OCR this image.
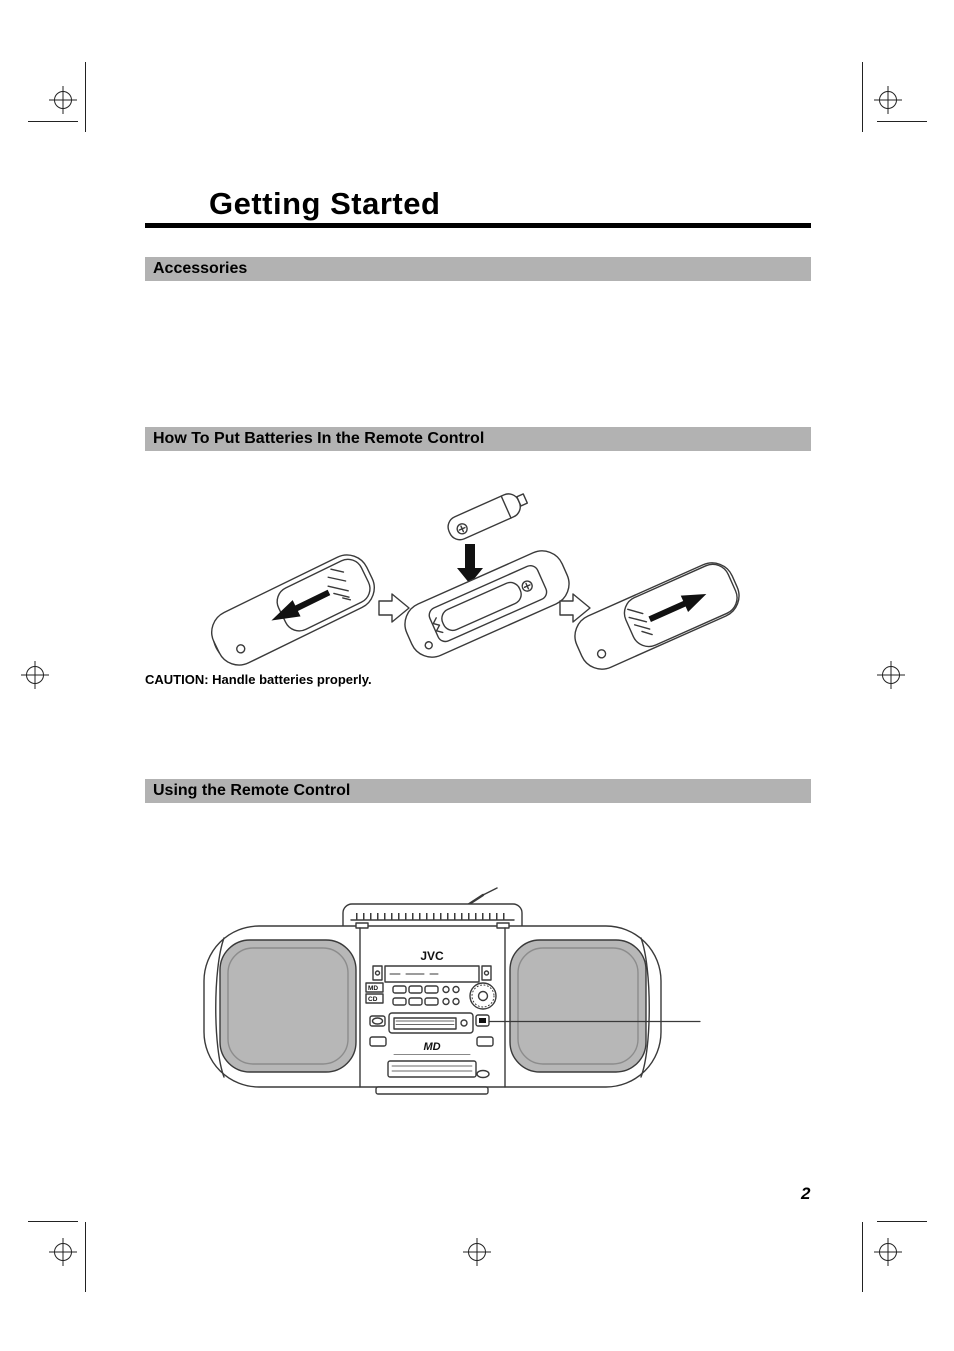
Getting Started
Accessories
How To Put Batteries In the Remote Control

CAUTION: Handle batteries properly.

Using the Remote Control
JVC
MD
CD
MD
2
